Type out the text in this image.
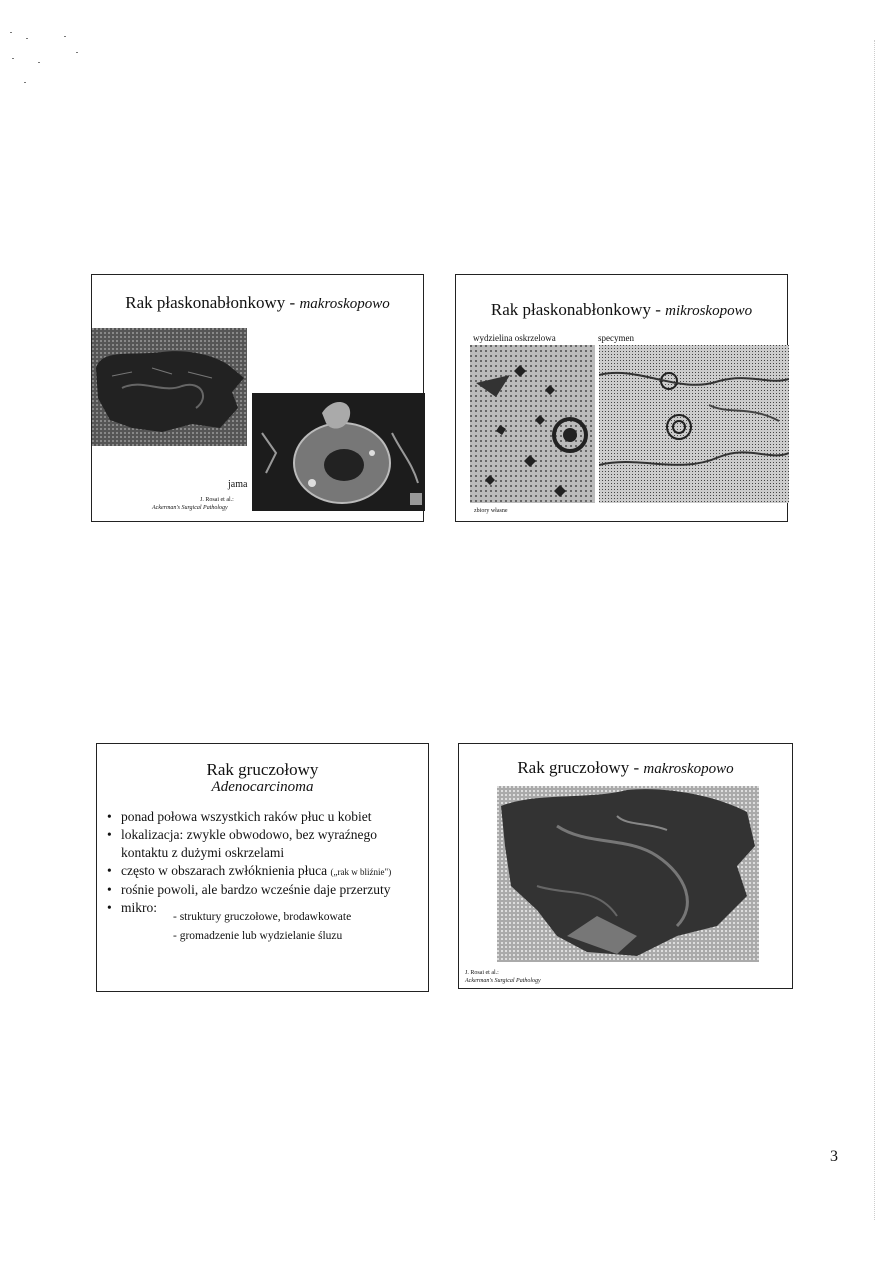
Rak płaskonabłonkowy - makroskopowo
jama
J. Rosai et al.:
Ackerman's Surgical Pathology
Rak płaskonabłonkowy - mikroskopowo
wydzielina oskrzelowa	specymen
zbiory własne
Rak gruczołowy
Adenocarcinoma
• ponad połowa wszystkich raków płuc u kobiet
• lokalizacja: zwykle obwodowo, bez wyraźnego kontaktu z dużymi oskrzelami
• często w obszarach zwłóknienia płuca („rak w bliźnie")
• rośnie powoli, ale bardzo wcześnie daje przerzuty
• mikro:
- struktury gruczołowe, brodawkowate
- gromadzenie lub wydzielanie śluzu
Rak gruczołowy - makroskopowo
J. Rosai et al.:
Ackerman's Surgical Pathology
3
